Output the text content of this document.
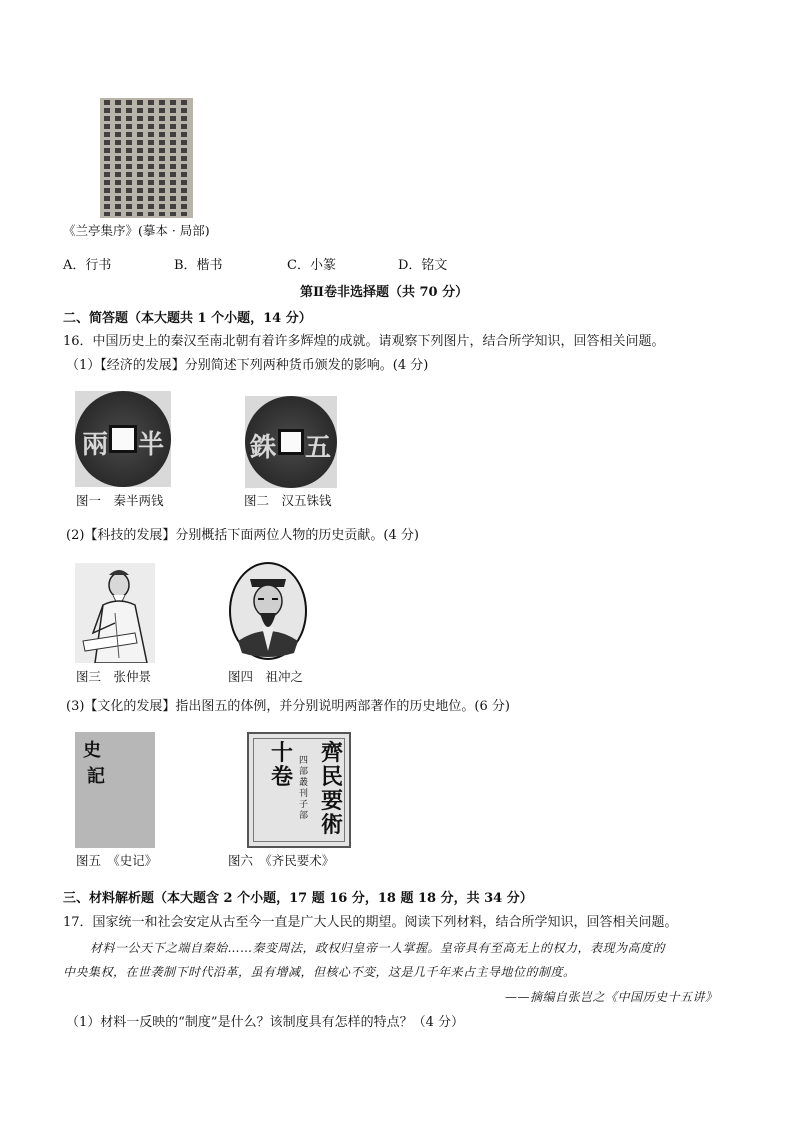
《兰亭集序》(摹本 · 局部)
A．行书	B．楷书	C．小篆	D．铭文
第Ⅱ卷非选择题（共 70 分）
二、简答题（本大题共 1 个小题，14 分）
16．中国历史上的秦汉至南北朝有着许多辉煌的成就。请观察下列图片，结合所学知识，回答相关问题。
（1）【经济的发展】分别简述下列两种货币颁发的影响。(4 分)
兩 半
图一　秦半两钱
銖 五
图二　汉五铢钱
(2)【科技的发展】分别概括下面两位人物的历史贡献。(4 分)
图三　张仲景	图四　祖冲之
(3)【文化的发展】指出图五的体例，并分别说明两部著作的历史地位。(6 分)
史
記
图五　《史记》
齊
民
要
術
十
卷
四部叢刊子部
图六　《齐民要术》
三、材料解析题（本大题含 2 个小题，17 题 16 分，18 题 18 分，共 34 分）
17．国家统一和社会安定从古至今一直是广大人民的期望。阅读下列材料，结合所学知识，回答相关问题。
材料一公天下之端自秦始……秦变周法，政权归皇帝一人掌握。皇帝具有至高无上的权力，表现为高度的
中央集权，在世袭制下时代沿革，虽有增减，但核心不变，这是几千年来占主导地位的制度。
——摘编自张岂之《中国历史十五讲》
（1）材料一反映的“制度”是什么？该制度具有怎样的特点？（4 分）
